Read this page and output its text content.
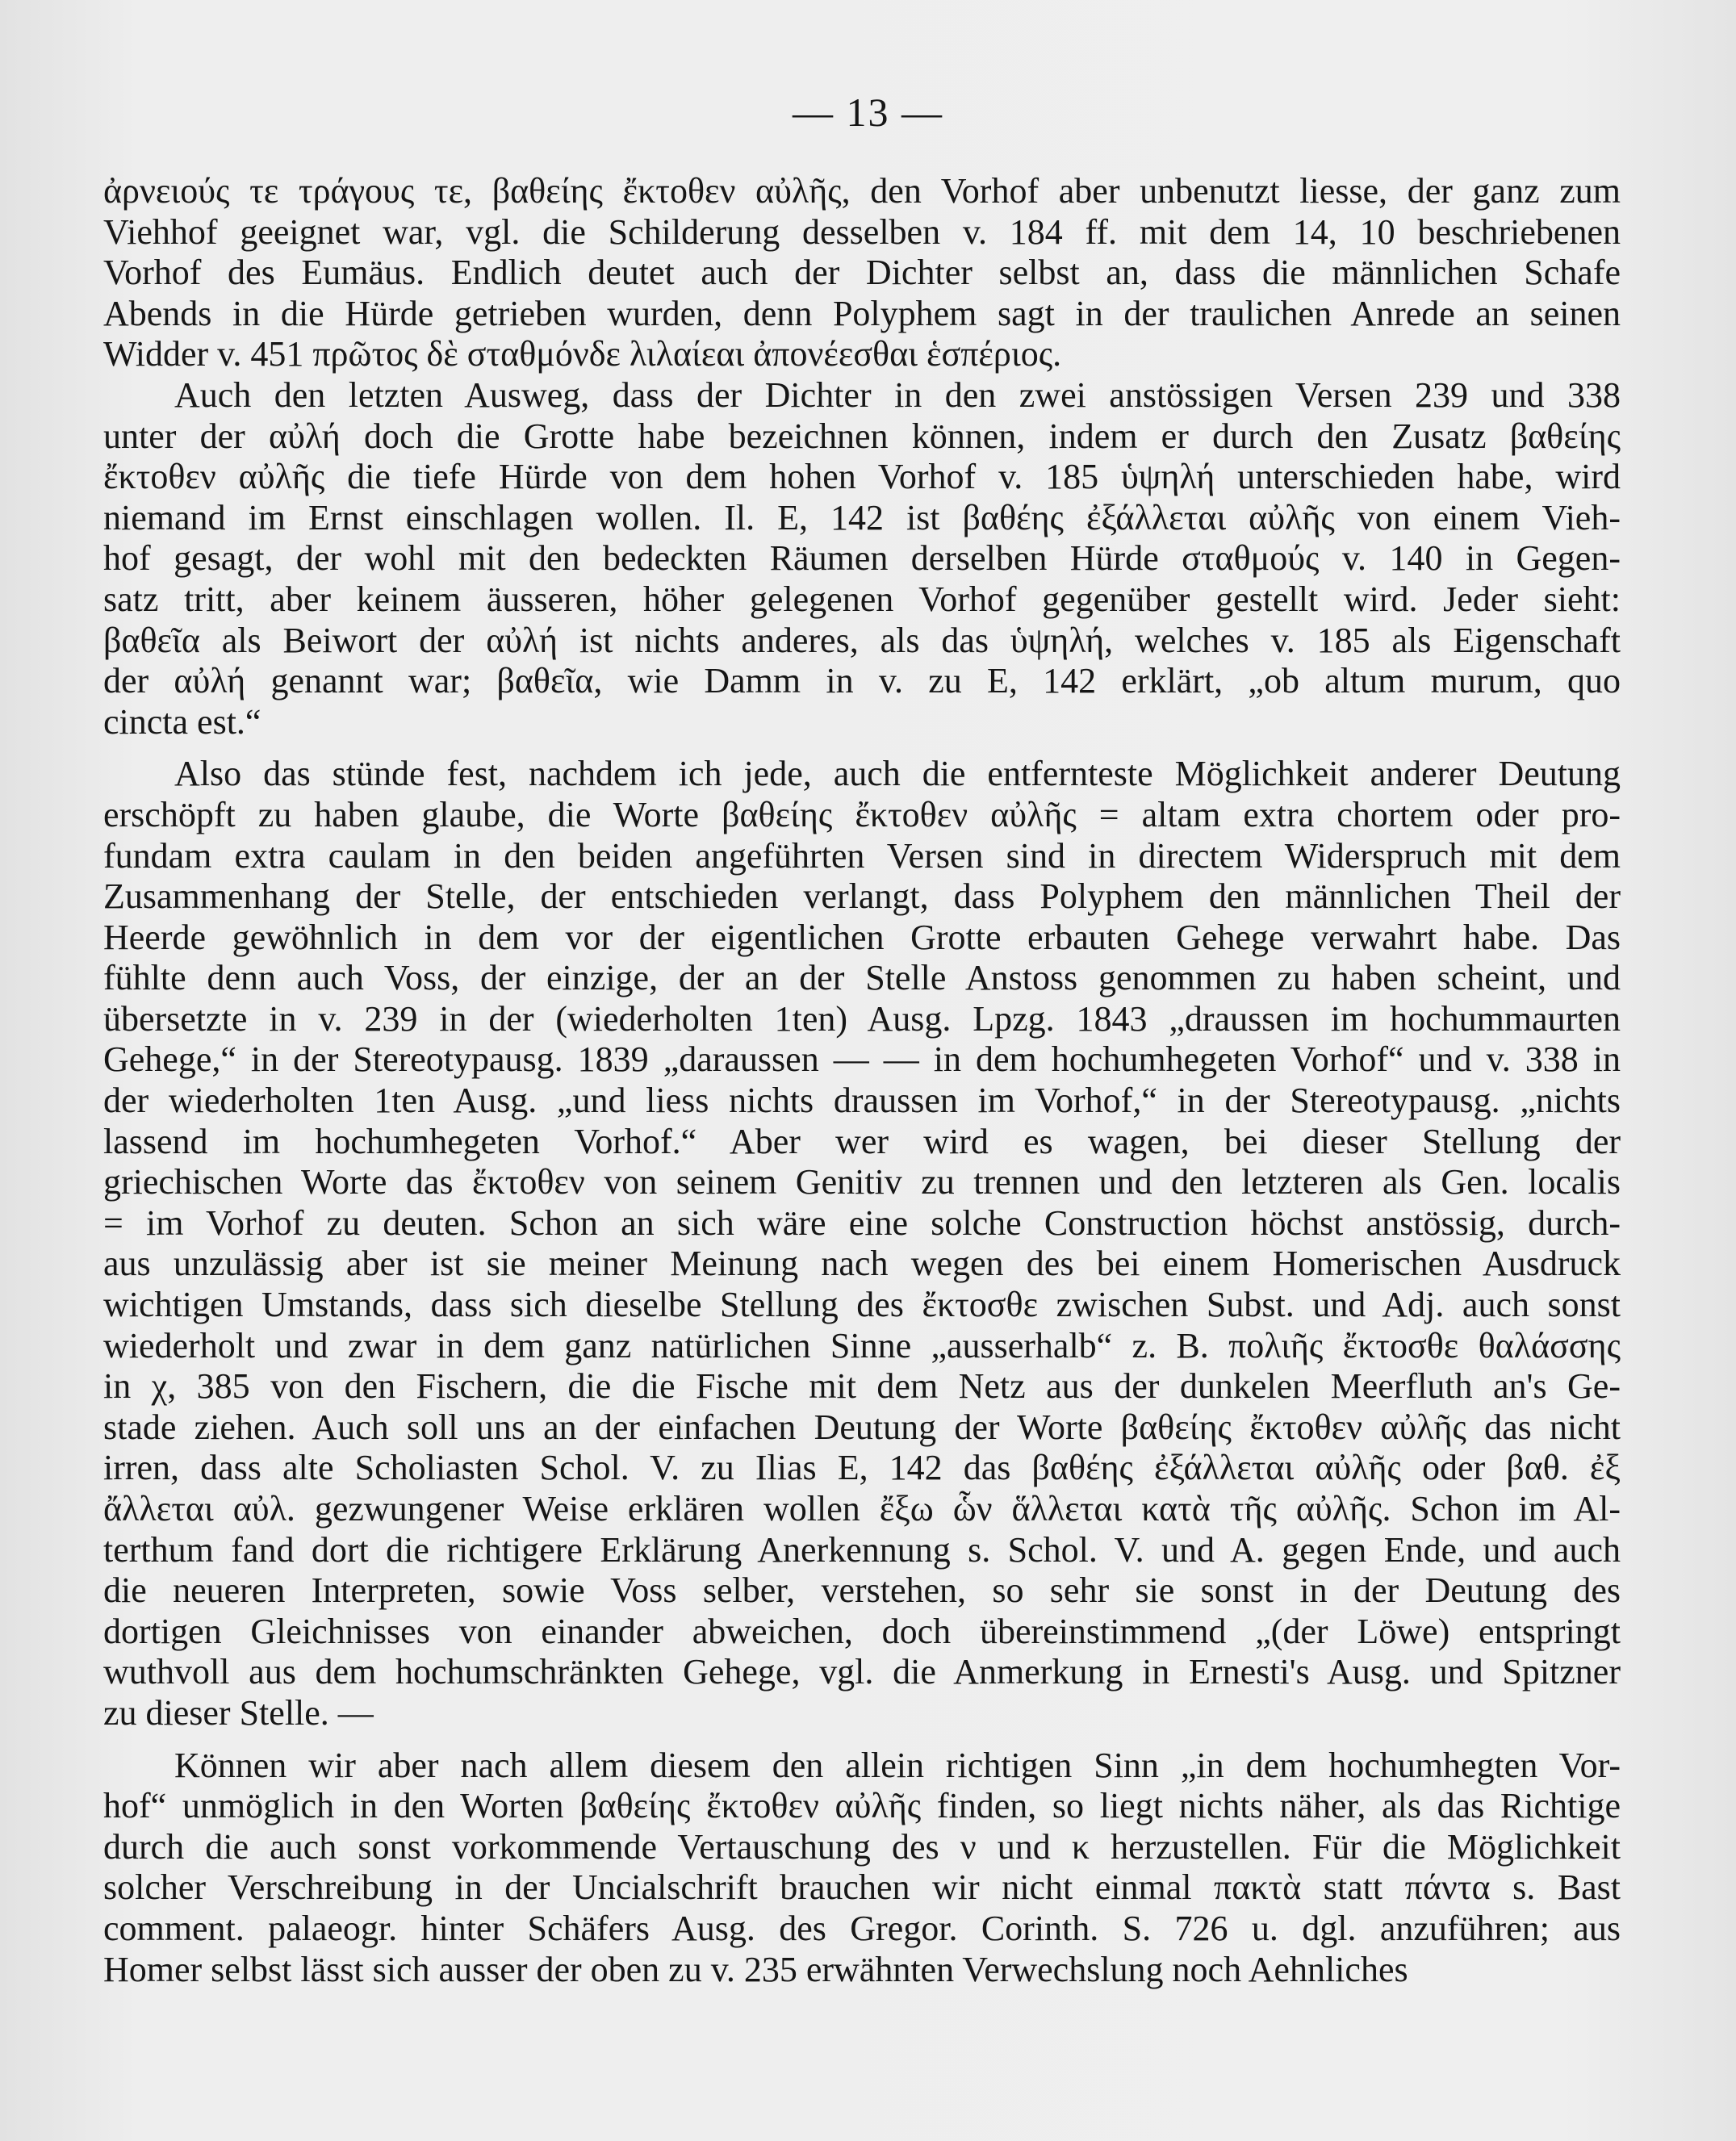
— 13 —
ἀρνειούς τε τράγους τε, βαθείης ἔκτοθεν αὐλῆς, den Vorhof aber unbenutzt liesse, der ganz zum
Viehhof geeignet war, vgl. die Schilderung desselben v. 184 ff. mit dem 14, 10 beschriebenen
Vorhof des Eumäus. Endlich deutet auch der Dichter selbst an, dass die männlichen Schafe
Abends in die Hürde getrieben wurden, denn Polyphem sagt in der traulichen Anrede an seinen
Widder v. 451 πρῶτος δὲ σταθμόνδε λιλαίεαι ἀπονέεσθαι ἑσπέριος.
Auch den letzten Ausweg, dass der Dichter in den zwei anstössigen Versen 239 und 338
unter der αὐλή doch die Grotte habe bezeichnen können, indem er durch den Zusatz βαθείης
ἔκτοθεν αὐλῆς die tiefe Hürde von dem hohen Vorhof v. 185 ὑψηλή unterschieden habe, wird
niemand im Ernst einschlagen wollen. Il. E, 142 ist βαθέης ἐξάλλεται αὐλῆς von einem Vieh-
hof gesagt, der wohl mit den bedeckten Räumen derselben Hürde σταθμούς v. 140 in Gegen-
satz tritt, aber keinem äusseren, höher gelegenen Vorhof gegenüber gestellt wird. Jeder sieht:
βαθεῖα als Beiwort der αὐλή ist nichts anderes, als das ὑψηλή, welches v. 185 als Eigenschaft
der αὐλή genannt war; βαθεῖα, wie Damm in v. zu E, 142 erklärt, „ob altum murum, quo
cincta est.“
Also das stünde fest, nachdem ich jede, auch die entfernteste Möglichkeit anderer Deutung
erschöpft zu haben glaube, die Worte βαθείης ἔκτοθεν αὐλῆς = altam extra chortem oder pro-
fundam extra caulam in den beiden angeführten Versen sind in directem Widerspruch mit dem
Zusammenhang der Stelle, der entschieden verlangt, dass Polyphem den männlichen Theil der
Heerde gewöhnlich in dem vor der eigentlichen Grotte erbauten Gehege verwahrt habe. Das
fühlte denn auch Voss, der einzige, der an der Stelle Anstoss genommen zu haben scheint, und
übersetzte in v. 239 in der (wiederholten 1ten) Ausg. Lpzg. 1843 „draussen im hochummaurten
Gehege,“ in der Stereotypausg. 1839 „daraussen — — in dem hochumhegeten Vorhof“ und v. 338 in
der wiederholten 1ten Ausg. „und liess nichts draussen im Vorhof,“ in der Stereotypausg. „nichts
lassend im hochumhegeten Vorhof.“ Aber wer wird es wagen, bei dieser Stellung der
griechischen Worte das ἔκτοθεν von seinem Genitiv zu trennen und den letzteren als Gen. localis
= im Vorhof zu deuten. Schon an sich wäre eine solche Construction höchst anstössig, durch-
aus unzulässig aber ist sie meiner Meinung nach wegen des bei einem Homerischen Ausdruck
wichtigen Umstands, dass sich dieselbe Stellung des ἔκτοσθε zwischen Subst. und Adj. auch sonst
wiederholt und zwar in dem ganz natürlichen Sinne „ausserhalb“ z. B. πολιῆς ἔκτοσθε θαλάσσης
in χ, 385 von den Fischern, die die Fische mit dem Netz aus der dunkelen Meerfluth an's Ge-
stade ziehen. Auch soll uns an der einfachen Deutung der Worte βαθείης ἔκτοθεν αὐλῆς das nicht
irren, dass alte Scholiasten Schol. V. zu Ilias E, 142 das βαθέης ἐξάλλεται αὐλῆς oder βαθ. ἐξ
ἄλλεται αὐλ. gezwungener Weise erklären wollen ἔξω ὧν ἅλλεται κατὰ τῆς αὐλῆς. Schon im Al-
terthum fand dort die richtigere Erklärung Anerkennung s. Schol. V. und A. gegen Ende, und auch
die neueren Interpreten, sowie Voss selber, verstehen, so sehr sie sonst in der Deutung des
dortigen Gleichnisses von einander abweichen, doch übereinstimmend „(der Löwe) entspringt
wuthvoll aus dem hochumschränkten Gehege, vgl. die Anmerkung in Ernesti's Ausg. und Spitzner
zu dieser Stelle. —
Können wir aber nach allem diesem den allein richtigen Sinn „in dem hochumhegten Vor-
hof“ unmöglich in den Worten βαθείης ἔκτοθεν αὐλῆς finden, so liegt nichts näher, als das Richtige
durch die auch sonst vorkommende Vertauschung des ν und κ herzustellen. Für die Möglichkeit
solcher Verschreibung in der Uncialschrift brauchen wir nicht einmal πακτὰ statt πάντα s. Bast
comment. palaeogr. hinter Schäfers Ausg. des Gregor. Corinth. S. 726 u. dgl. anzuführen; aus
Homer selbst lässt sich ausser der oben zu v. 235 erwähnten Verwechslung noch Aehnliches
